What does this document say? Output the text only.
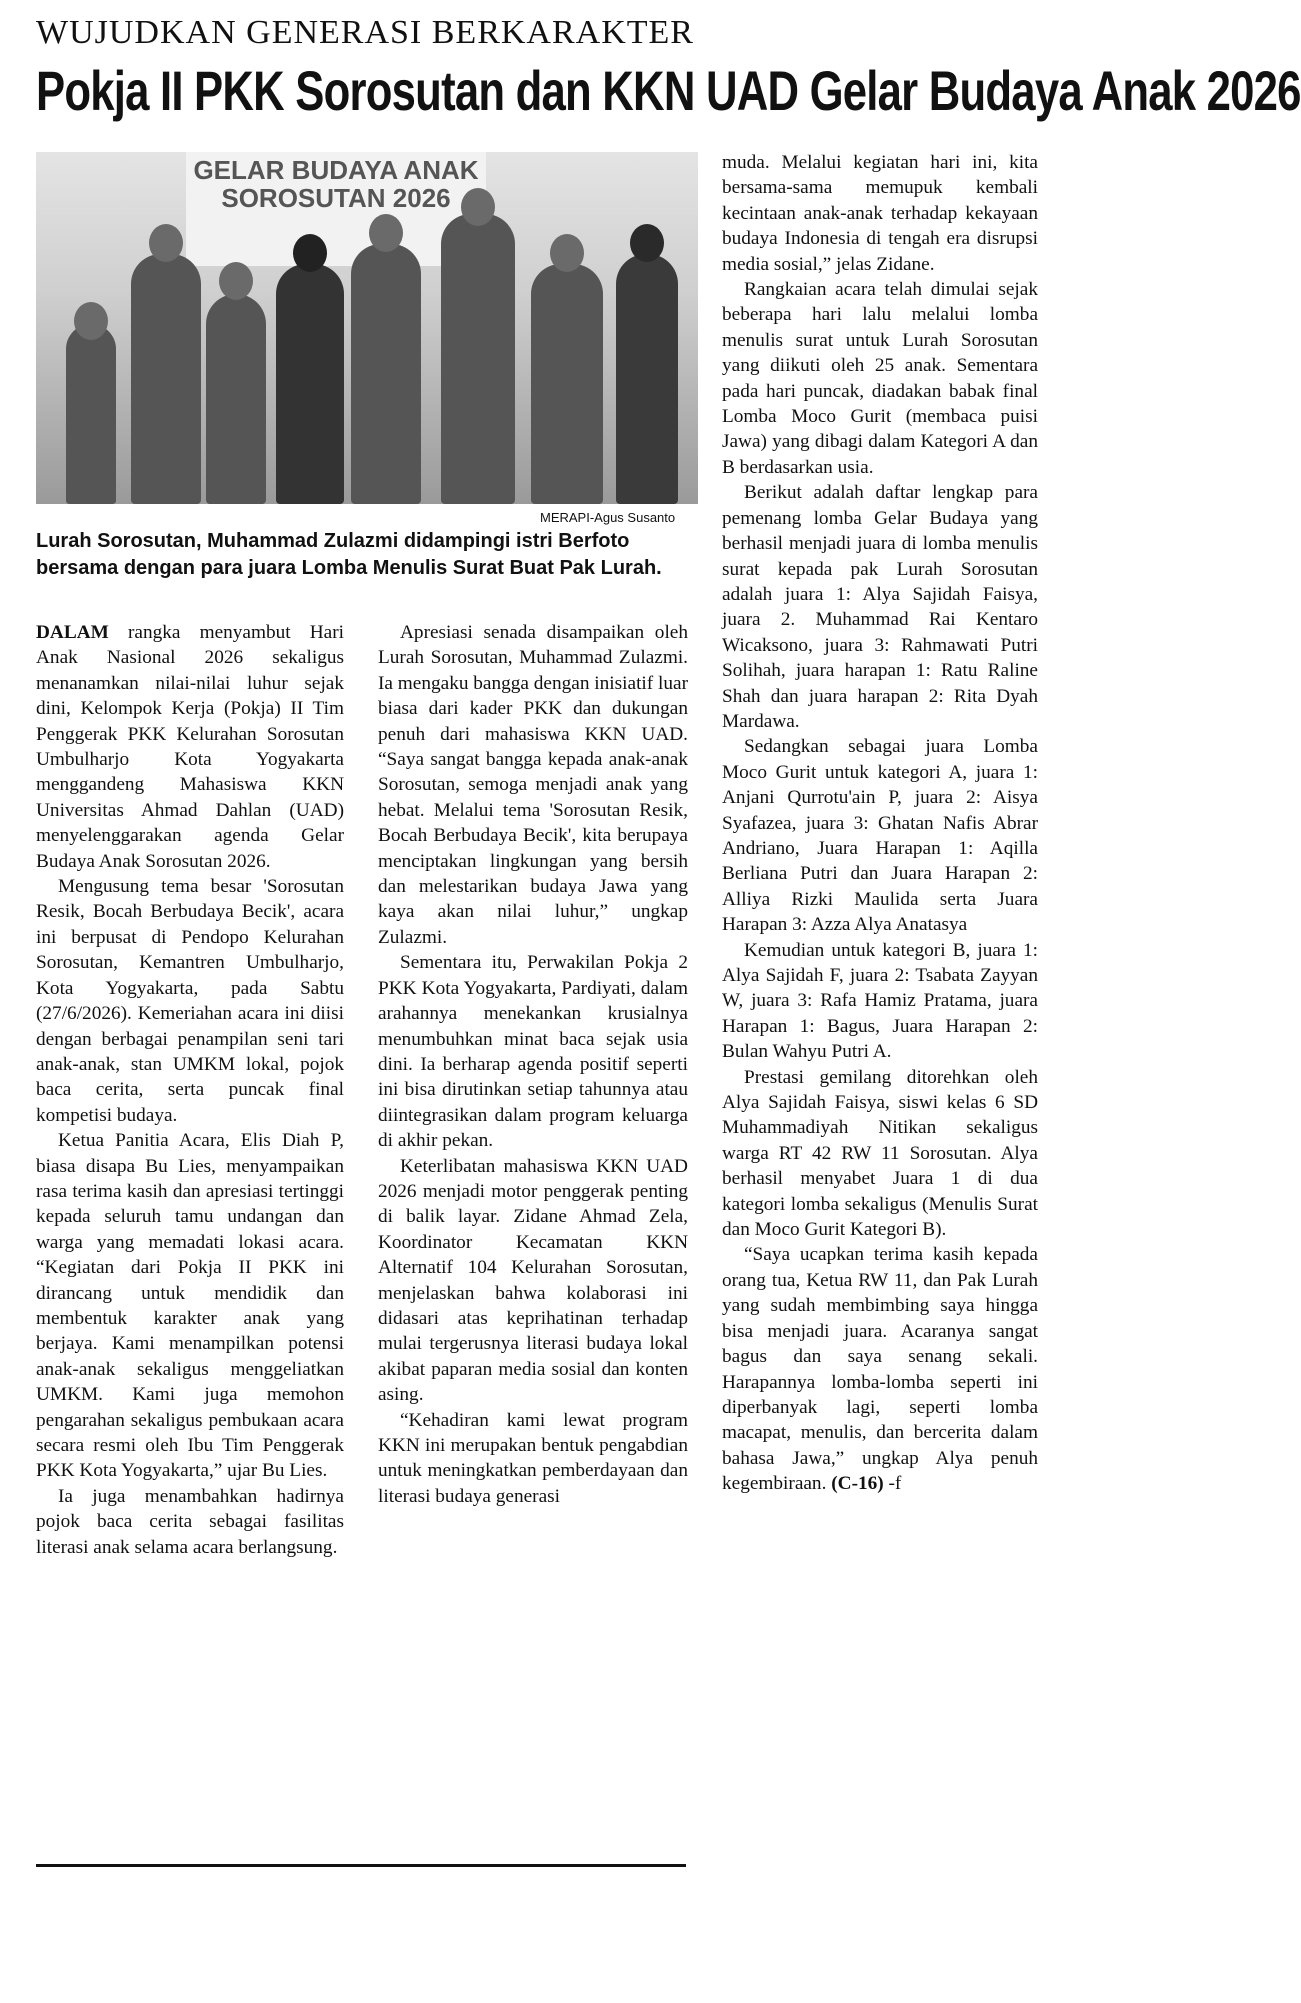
WUJUDKAN GENERASI BERKARAKTER
Pokja II PKK Sorosutan dan KKN UAD Gelar Budaya Anak 2026
GELAR BUDAYA ANAK SOROSUTAN 2026
MERAPI-Agus Susanto
Lurah Sorosutan, Muhammad Zulazmi didampingi istri Berfoto bersama dengan para juara Lomba Menulis Surat Buat Pak Lurah.

DALAM rangka menyambut Hari Anak Nasional 2026 sekaligus menanamkan nilai-nilai luhur sejak dini, Kelompok Kerja (Pokja) II Tim Penggerak PKK Kelurahan Sorosutan Umbulharjo Kota Yogyakarta menggandeng Mahasiswa KKN Universitas Ahmad Dahlan (UAD) menyelenggarakan agenda Gelar Budaya Anak Sorosutan 2026.

Mengusung tema besar 'Sorosutan Resik, Bocah Berbudaya Becik', acara ini berpusat di Pendopo Kelurahan Sorosutan, Kemantren Umbulharjo, Kota Yogyakarta, pada Sabtu (27/6/2026). Kemeriahan acara ini diisi dengan berbagai penampilan seni tari anak-anak, stan UMKM lokal, pojok baca cerita, serta puncak final kompetisi budaya.

Ketua Panitia Acara, Elis Diah P, biasa disapa Bu Lies, menyampaikan rasa terima kasih dan apresiasi tertinggi kepada seluruh tamu undangan dan warga yang memadati lokasi acara. “Kegiatan dari Pokja II PKK ini dirancang untuk mendidik dan membentuk karakter anak yang berjaya. Kami menampilkan potensi anak-anak sekaligus menggeliatkan UMKM. Kami juga memohon pengarahan sekaligus pembukaan acara secara resmi oleh Ibu Tim Penggerak PKK Kota Yogyakarta,” ujar Bu Lies.

Ia juga menambahkan hadirnya pojok baca cerita sebagai fasilitas literasi anak selama acara berlangsung.

Apresiasi senada disampaikan oleh Lurah Sorosutan, Muhammad Zulazmi. Ia mengaku bangga dengan inisiatif luar biasa dari kader PKK dan dukungan penuh dari mahasiswa KKN UAD. “Saya sangat bangga kepada anak-anak Sorosutan, semoga menjadi anak yang hebat. Melalui tema 'Sorosutan Resik, Bocah Berbudaya Becik', kita berupaya menciptakan lingkungan yang bersih dan melestarikan budaya Jawa yang kaya akan nilai luhur,” ungkap Zulazmi.

Sementara itu, Perwakilan Pokja 2 PKK Kota Yogyakarta, Pardiyati, dalam arahannya menekankan krusialnya menumbuhkan minat baca sejak usia dini. Ia berharap agenda positif seperti ini bisa dirutinkan setiap tahunnya atau diintegrasikan dalam program keluarga di akhir pekan.

Keterlibatan mahasiswa KKN UAD 2026 menjadi motor penggerak penting di balik layar. Zidane Ahmad Zela, Koordinator Kecamatan KKN Alternatif 104 Kelurahan Sorosutan, menjelaskan bahwa kolaborasi ini didasari atas keprihatinan terhadap mulai tergerusnya literasi budaya lokal akibat paparan media sosial dan konten asing.

“Kehadiran kami lewat program KKN ini merupakan bentuk pengabdian untuk meningkatkan pemberdayaan dan literasi budaya generasi

muda. Melalui kegiatan hari ini, kita bersama-sama memupuk kembali kecintaan anak-anak terhadap kekayaan budaya Indonesia di tengah era disrupsi media sosial,” jelas Zidane.

Rangkaian acara telah dimulai sejak beberapa hari lalu melalui lomba menulis surat untuk Lurah Sorosutan yang diikuti oleh 25 anak. Sementara pada hari puncak, diadakan babak final Lomba Moco Gurit (membaca puisi Jawa) yang dibagi dalam Kategori A dan B berdasarkan usia.

Berikut adalah daftar lengkap para pemenang lomba Gelar Budaya yang berhasil menjadi juara di lomba menulis surat kepada pak Lurah Sorosutan adalah juara 1: Alya Sajidah Faisya, juara 2. Muhammad Rai Kentaro Wicaksono, juara 3: Rahmawati Putri Solihah, juara harapan 1: Ratu Raline Shah dan juara harapan 2: Rita Dyah Mardawa.

Sedangkan sebagai juara Lomba Moco Gurit untuk kategori A, juara 1: Anjani Qurrotu'ain P, juara 2: Aisya Syafazea, juara 3: Ghatan Nafis Abrar Andriano, Juara Harapan 1: Aqilla Berliana Putri dan Juara Harapan 2: Alliya Rizki Maulida serta Juara Harapan 3: Azza Alya Anatasya

Kemudian untuk kategori B, juara 1: Alya Sajidah F, juara 2: Tsabata Zayyan W, juara 3: Rafa Hamiz Pratama, juara Harapan 1: Bagus, Juara Harapan 2: Bulan Wahyu Putri A.

Prestasi gemilang ditorehkan oleh Alya Sajidah Faisya, siswi kelas 6 SD Muhammadiyah Nitikan sekaligus warga RT 42 RW 11 Sorosutan. Alya berhasil menyabet Juara 1 di dua kategori lomba sekaligus (Menulis Surat dan Moco Gurit Kategori B).

“Saya ucapkan terima kasih kepada orang tua, Ketua RW 11, dan Pak Lurah yang sudah membimbing saya hingga bisa menjadi juara. Acaranya sangat bagus dan saya senang sekali. Harapannya lomba-lomba seperti ini diperbanyak lagi, seperti lomba macapat, menulis, dan bercerita dalam bahasa Jawa,” ungkap Alya penuh kegembiraan. (C-16) -f
